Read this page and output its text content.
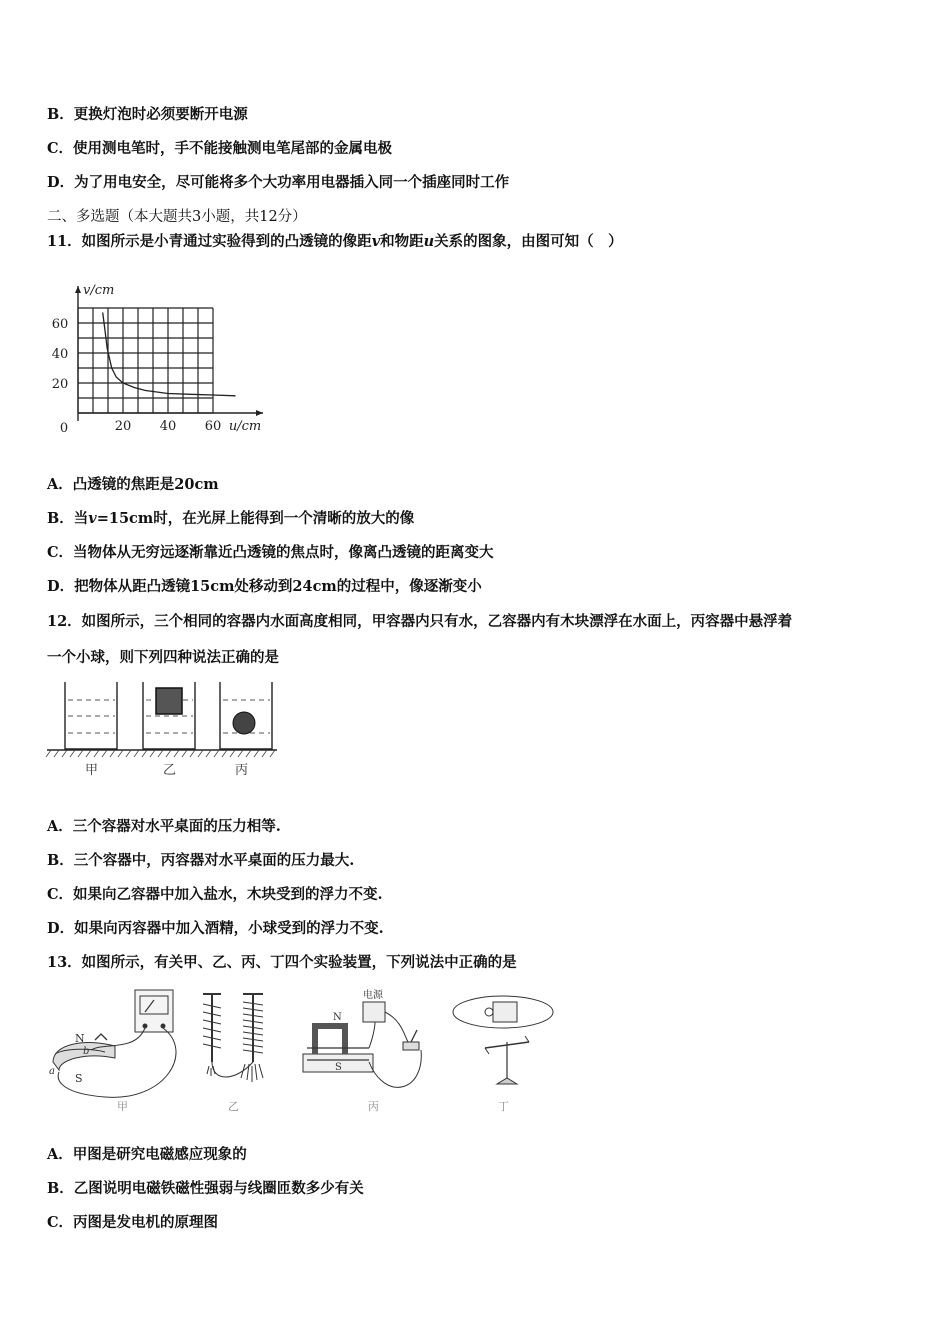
B．更换灯泡时必须要断开电源
C．使用测电笔时，手不能接触测电笔尾部的金属电极
D．为了用电安全，尽可能将多个大功率用电器插入同一个插座同时工作
二、多选题（本大题共3小题，共12分）
11．如图所示是小青通过实验得到的凸透镜的像距v和物距u关系的图象，由图可知（　）
v/cm
u/cm
0
20
40
60
20 40 60
A．凸透镜的焦距是20cm
B．当v=15cm时，在光屏上能得到一个清晰的放大的像
C．当物体从无穷远逐渐靠近凸透镜的焦点时，像离凸透镜的距离变大
D．把物体从距凸透镜15cm处移动到24cm的过程中，像逐渐变小
12．如图所示，三个相同的容器内水面高度相同，甲容器内只有水，乙容器内有木块漂浮在水面上，丙容器中悬浮着
一个小球，则下列四种说法正确的是
甲	乙	丙
A．三个容器对水平桌面的压力相等.
B．三个容器中，丙容器对水平桌面的压力最大.
C．如果向乙容器中加入盐水，木块受到的浮力不变.
D．如果向丙容器中加入酒精，小球受到的浮力不变.
13．如图所示，有关甲、乙、丙、丁四个实验装置，下列说法中正确的是
N
S
a
b
电源
N
S
甲	乙	丙	丁
A．甲图是研究电磁感应现象的
B．乙图说明电磁铁磁性强弱与线圈匝数多少有关
C．丙图是发电机的原理图
